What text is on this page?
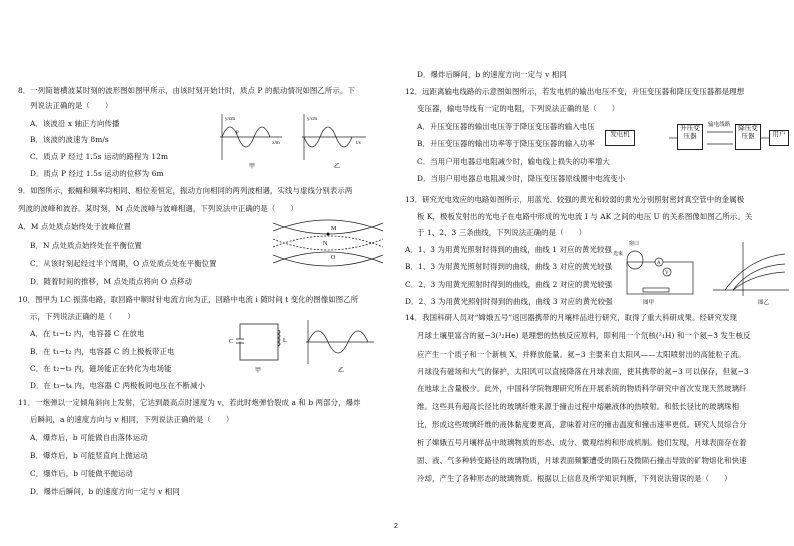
8．一列简谐横波某时刻的波形图如图甲所示，由该时刻开始计时，质点 P 的振动情况如图乙所示。下
列说法正确的是（　　）
A．该波沿 x 轴正方向传播
B．该波的波速为 8m/s
C．质点 P 经过 1.5s 运动的路程为 12m
D．质点 P 经过 1.5s 运动的位移为 6m
y/cm
x/m
P
甲
y/cm
t/s
乙
9．如图所示，振幅和频率均相同、相位差恒定，振动方向相同的两列波相遇，实线与虚线分别表示两
列波的波峰和波谷。某时刻，M 点处波峰与波峰相遇，下列说法中正确的是（　　）
A．M 点处质点始终处于波峰位置
B．N 点处质点始终处在平衡位置
C．从该时刻起经过半个周期，O 点处质点处在平衡位置
D．随着时间的推移，M 点处质点将向 O 点移动
M
N
O
10．图甲为 LC 振荡电路，取回路中顺时针电流方向为正，回路中电流 i 随时间 t 变化的图像如图乙所
示，下列说法正确的是（　　）
A．在 t₁~t₂ 内，电容器 C 在放电
B．在 t₁~t₂ 内，电容器 C 的上极板带正电
C．在 t₂~t₃ 内，磁场能正在转化为电场能
D．在 t₃~t₄ 内，电容器 C 两极板间电压在不断减小
C	L
甲	乙
11．一炮弹以一定倾角斜向上发射，它达到最高点时速度为 v，若此时炮弹恰裂成 a 和 b 两部分，爆炸
后瞬间，a 的速度方向与 v 相同，下列说法正确的是（　　）
A．爆炸后，b 可能做自由落体运动
B．爆炸后，b 可能竖直向上抛运动
C．爆炸后，b 可能做平抛运动
D．爆炸后瞬间，b 的速度方向一定与 v 相同
D．爆炸后瞬间，b 的速度方向一定与 v 相同
12．远距离输电线路的示意图如图所示，若发电机的输出电压不变，升压变压器和降压变压器都是理想
变压器，输电导线有一定的电阻，下列说法正确的是（　　）
A．升压变压器的输出电压等于降压变压器的输入电压
B．升压变压器的输出功率等于降压变压器的输入功率
C．当用户用电器总电阻减少时，输电线上损失的功率增大
D．当用户用电器总电阻减少时，降压变压器原线圈中电流变小
发电机
升压变压器
输电线路	降压变压器	用户
13．研究光电效应的电路如图所示，用蓝光、较强的黄光和较弱的黄光分别照射密封真空管中的金属极
板 K，极板发射出的光电子在电路中形成的光电流 I 与 AK 之间的电压 U 的关系图像如图乙所示。关
于 1、2、3 三条曲线，下列说法正确的是（　　）
A．1、3 为用黄光照射时得到的曲线，曲线 1 对应的黄光较强
B．1、3 为用黄光照射时得到的曲线，曲线 3 对应的黄光较强
C．2、3 为用黄光照射时得到的曲线，曲线 2 对应的黄光较强
D．2、3 为用黄光照射时得到的曲线，曲线 3 对应的黄光较强
窗口
光束
A
V
图甲	图乙
14．我国科研人员对“嫦娥五号”返回器携带的月壤样品进行研究，取得了重大科研成果。经研究发现
月球土壤里富含的氦−3(³₂He) 是理想的热核反应原料，即利用一个氘核(²₁H) 和一个氦−3 发生核反
应产生一个质子和一个新核 X，并释放能量。氦−3 主要来自太阳风——太阳喷射出的高能粒子流。
月球没有磁场和大气的保护，太阳风可以直接降落在月球表面，使其携带的氦−3 可以保存，但氦−3
在地球上含量极少。此外，中国科学院物理研究所在开展系统的物质科学研究中首次发现天然玻璃纤
维。这些具有超高长径比的玻璃纤维来源于撞击过程中熔融液体的热喷射。和低长径比的玻璃珠相
比，形成这些玻璃纤维的液体黏度要更高，意味着对应的撞击温度和撞击速率更低。研究人员综合分
析了嫦娥五号月壤样品中玻璃物质的形态、成分、微观结构和形成机制。他们发现，月球表面存在着
固、液、气多种转变路径的玻璃物质，月球表面频繁遭受的陨石及微陨石撞击导致的矿物熔化和快速
冷却，产生了各种形态的玻璃物质。根据以上信息及所学知识判断，下列说法错误的是（　　）
2
